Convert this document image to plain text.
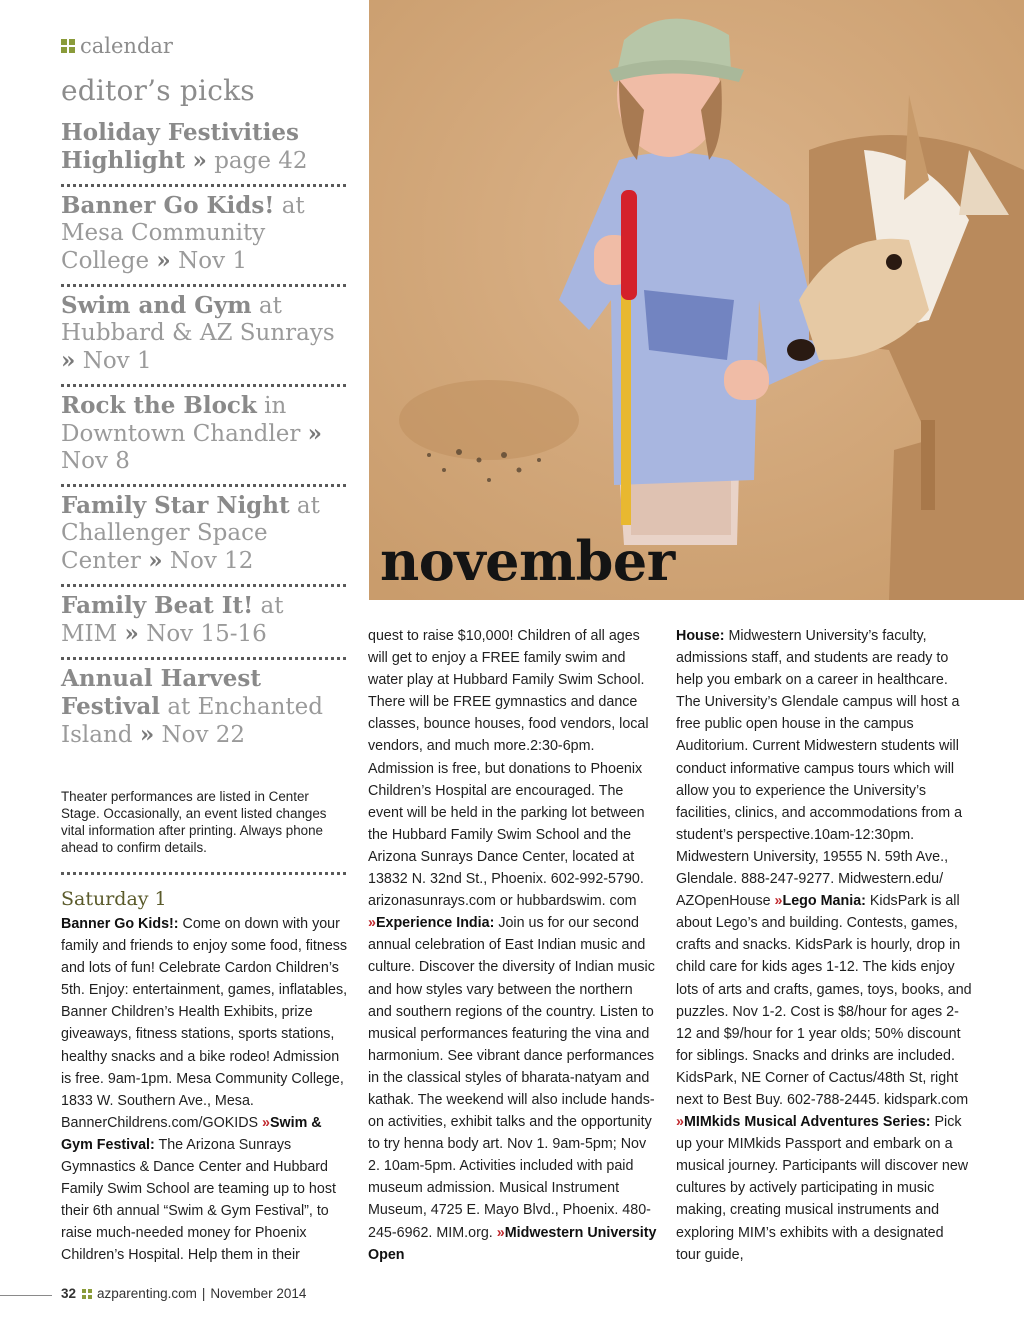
calendar
editor’s picks
Holiday Festivities Highlight » page 42
Banner Go Kids! at Mesa Community College » Nov 1
Swim and Gym at Hubbard & AZ Sunrays » Nov 1
Rock the Block in Downtown Chandler » Nov 8
Family Star Night at Challenger Space Center » Nov 12
Family Beat It! at MIM » Nov 15-16
Annual Harvest Festival at Enchanted Island » Nov 22
Theater performances are listed in Center Stage. Occasionally, an event listed changes vital information after printing. Always phone ahead to confirm details.
november
Saturday 1

Banner Go Kids!: Come on down with your family and friends to enjoy some food, fitness and lots of fun! Celebrate Cardon Children’s 5th. Enjoy: entertainment, games, inflatables, Banner Children’s Health Exhibits, prize giveaways, fitness stations, sports stations, healthy snacks and a bike rodeo! Admission is free. 9am-1pm. Mesa Community College, 1833 W. Southern Ave., Mesa. BannerChildrens.com/GOKIDS »Swim & Gym Festival: The Arizona Sunrays Gymnastics & Dance Center and Hubbard Family Swim School are teaming up to host their 6th annual “Swim & Gym Festival”, to raise much-needed money for Phoenix Children’s Hospital. Help them in their

quest to raise $10,000! Children of all ages will get to enjoy a FREE family swim and water play at Hubbard Family Swim School. There will be FREE gymnastics and dance classes, bounce houses, food vendors, local vendors, and much more.2:30-6pm. Admission is free, but donations to Phoenix Children’s Hospital are encouraged. The event will be held in the parking lot between the Hubbard Family Swim School and the Arizona Sunrays Dance Center, located at 13832 N. 32nd St., Phoenix. 602-992-5790. arizonasunrays.com or hubbardswim. com »Experience India: Join us for our second annual celebration of East Indian music and culture. Discover the diversity of Indian music and how styles vary between the northern and southern regions of the country. Listen to musical performances featuring the vina and harmonium. See vibrant dance performances in the classical styles of bharata-natyam and kathak. The weekend will also include hands-on activities, exhibit talks and the opportunity to try henna body art. Nov 1. 9am-5pm; Nov 2. 10am-5pm. Activities included with paid museum admission. Musical Instrument Museum, 4725 E. Mayo Blvd., Phoenix. 480-245-6962. MIM.org. »Midwestern University Open

House: Midwestern University’s faculty, admissions staff, and students are ready to help you embark on a career in healthcare. The University’s Glendale campus will host a free public open house in the campus Auditorium. Current Midwestern students will conduct informative campus tours which will allow you to experience the University’s facilities, clinics, and accommodations from a student’s perspective.10am-12:30pm. Midwestern University, 19555 N. 59th Ave., Glendale. 888-247-9277. Midwestern.edu/ AZOpenHouse »Lego Mania: KidsPark is all about Lego’s and building. Contests, games, crafts and snacks. KidsPark is hourly, drop in child care for kids ages 1-12. The kids enjoy lots of arts and crafts, games, toys, books, and puzzles. Nov 1-2. Cost is $8/hour for ages 2-12 and $9/hour for 1 year olds; 50% discount for siblings. Snacks and drinks are included. KidsPark, NE Corner of Cactus/48th St, right next to Best Buy. 602-788-2445. kidspark.com »MIMkids Musical Adventures Series: Pick up your MIMkids Passport and embark on a musical journey. Participants will discover new cultures by actively participating in music making, creating musical instruments and exploring MIM’s exhibits with a designated tour guide,

32 azparenting.com | November 2014
